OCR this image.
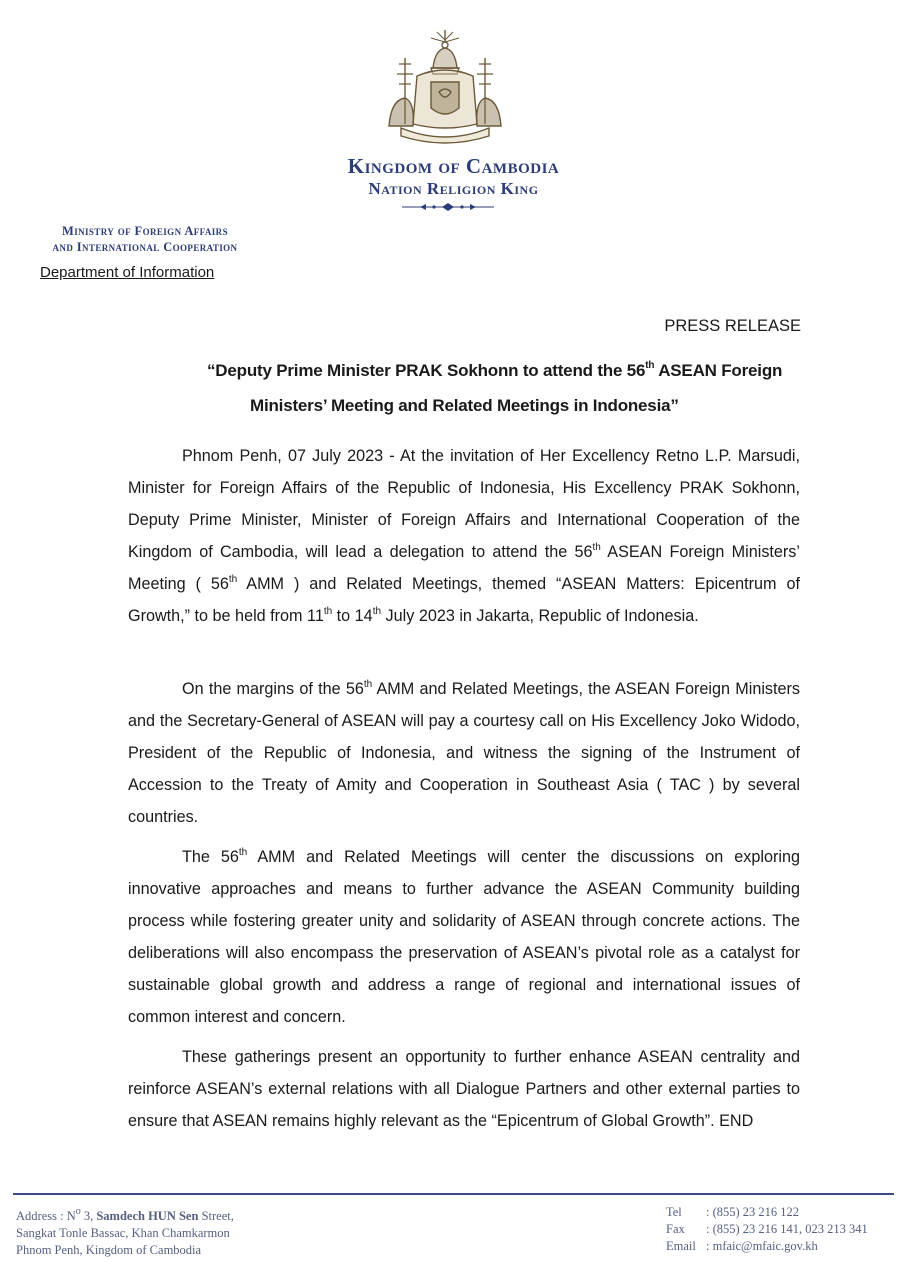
Kingdom of Cambodia
Nation Religion King
Ministry of Foreign Affairs
and International Cooperation
Department of Information
PRESS RELEASE
“Deputy Prime Minister PRAK Sokhonn to attend the 56th ASEAN Foreign
Ministers’ Meeting and Related Meetings in Indonesia”

Phnom Penh, 07 July 2023 - At the invitation of Her Excellency Retno L.P. Marsudi, Minister for Foreign Affairs of the Republic of Indonesia, His Excellency PRAK Sokhonn, Deputy Prime Minister, Minister of Foreign Affairs and International Cooperation of the Kingdom of Cambodia, will lead a delegation to attend the 56th ASEAN Foreign Ministers’ Meeting ( 56th AMM ) and Related Meetings, themed “ASEAN Matters: Epicentrum of Growth,” to be held from 11th to 14th July 2023 in Jakarta, Republic of Indonesia.

On the margins of the 56th AMM and Related Meetings, the ASEAN Foreign Ministers and the Secretary-General of ASEAN will pay a courtesy call on His Excellency Joko Widodo, President of the Republic of Indonesia, and witness the signing of the Instrument of Accession to the Treaty of Amity and Cooperation in Southeast Asia ( TAC ) by several countries.

The 56th AMM and Related Meetings will center the discussions on exploring innovative approaches and means to further advance the ASEAN Community building process while fostering greater unity and solidarity of ASEAN through concrete actions. The deliberations will also encompass the preservation of ASEAN’s pivotal role as a catalyst for sustainable global growth and address a range of regional and international issues of common interest and concern.

These gatherings present an opportunity to further enhance ASEAN centrality and reinforce ASEAN’s external relations with all Dialogue Partners and other external parties to ensure that ASEAN remains highly relevant as the “Epicentrum of Global Growth”. END

Address : $N^o$ 3, Samdech HUN Sen Street,
Sangkat Tonle Bassac, Khan Chamkarmon
Phnom Penh, Kingdom of Cambodia
Tel	: (855) 23 216 122
Fax	: (855) 23 216 141, 023 213 341
Email : mfaic@mfaic.gov.kh
